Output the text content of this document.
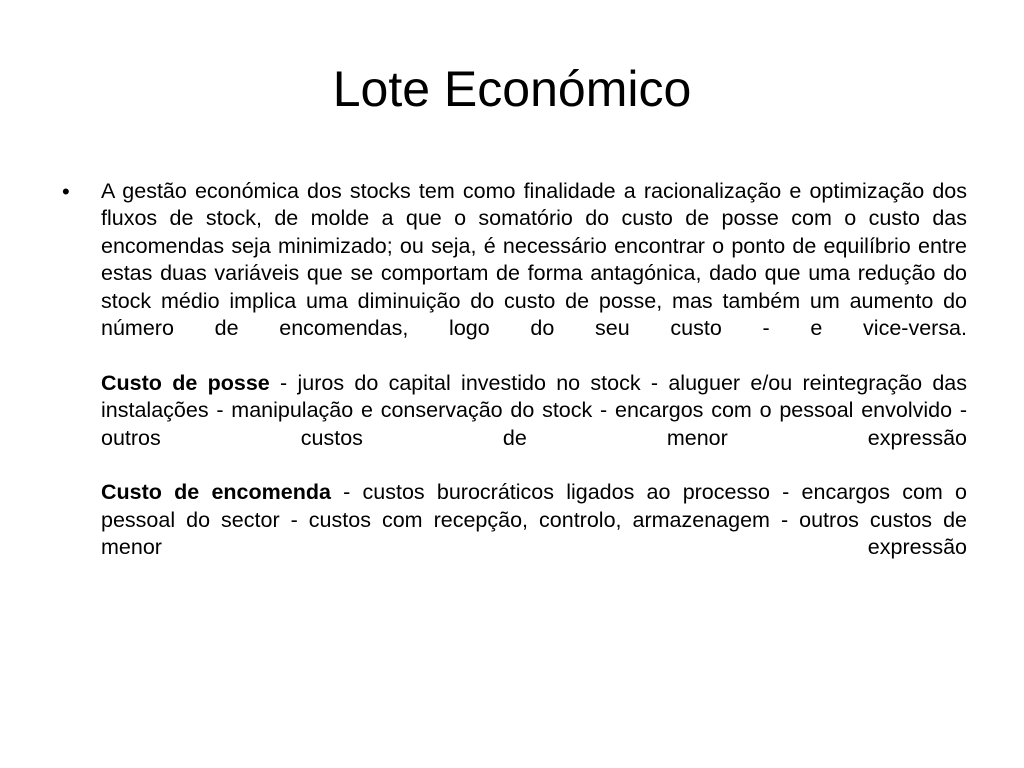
Lote Económico
•	A gestão económica dos stocks tem como finalidade a racionalização e optimização dos fluxos de stock, de molde a que o somatório do custo de posse com o custo das encomendas seja minimizado; ou seja, é necessário encontrar o ponto de equilíbrio entre estas duas variáveis que se comportam de forma antagónica, dado que uma redução do stock médio implica uma diminuição do custo de posse, mas também um aumento do número de encomendas, logo do seu custo - e vice-versa.

Custo de posse - juros do capital investido no stock - aluguer e/ou reintegração das instalações - manipulação e conservação do stock - encargos com o pessoal envolvido - outros custos de menor expressão

Custo de encomenda - custos burocráticos ligados ao processo - encargos com o pessoal do sector - custos com recepção, controlo, armazenagem - outros custos de menor expressão
